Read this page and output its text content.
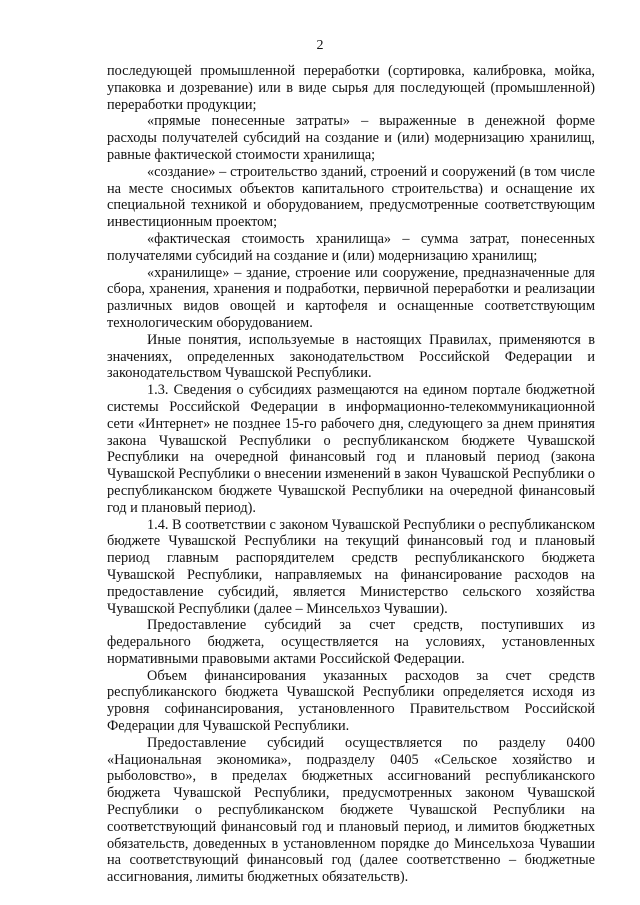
2

последующей промышленной переработки (сортировка, калибровка, мойка, упаковка и дозревание) или в виде сырья для последующей (промышленной) переработки продукции;

«прямые понесенные затраты» – выраженные в денежной форме расходы получателей субсидий на создание и (или) модернизацию хранилищ, равные фактической стоимости хранилища;

«создание» – строительство зданий, строений и сооружений (в том числе на месте сносимых объектов капитального строительства) и оснащение их специальной техникой и оборудованием, предусмотренные соответствующим инвестиционным проектом;

«фактическая стоимость хранилища» – сумма затрат, понесенных получателями субсидий на создание и (или) модернизацию хранилищ;

«хранилище» – здание, строение или сооружение, предназначенные для сбора, хранения, хранения и подработки, первичной переработки и реализации различных видов овощей и картофеля и оснащенные соответствующим технологическим оборудованием.

Иные понятия, используемые в настоящих Правилах, применяются в значениях, определенных законодательством Российской Федерации и законодательством Чувашской Республики.

1.3. Сведения о субсидиях размещаются на едином портале бюджетной системы Российской Федерации в информационно-телекоммуникационной сети «Интернет» не позднее 15-го рабочего дня, следующего за днем принятия закона Чувашской Республики о республиканском бюджете Чувашской Республики на очередной финансовый год и плановый период (закона Чувашской Республики о внесении изменений в закон Чувашской Республики о республиканском бюджете Чувашской Республики на очередной финансовый год и плановый период).

1.4. В соответствии с законом Чувашской Республики о республиканском бюджете Чувашской Республики на текущий финансовый год и плановый период главным распорядителем средств республиканского бюджета Чувашской Республики, направляемых на финансирование расходов на предоставление субсидий, является Министерство сельского хозяйства Чувашской Республики (далее – Минсельхоз Чувашии).

Предоставление субсидий за счет средств, поступивших из федерального бюджета, осуществляется на условиях, установленных нормативными правовыми актами Российской Федерации.

Объем финансирования указанных расходов за счет средств республиканского бюджета Чувашской Республики определяется исходя из уровня софинансирования, установленного Правительством Российской Федерации для Чувашской Республики.

Предоставление субсидий осуществляется по разделу 0400 «Национальная экономика», подразделу 0405 «Сельское хозяйство и рыболовство», в пределах бюджетных ассигнований республиканского бюджета Чувашской Республики, предусмотренных законом Чувашской Республики о республиканском бюджете Чувашской Республики на соответствующий финансовый год и плановый период, и лимитов бюджетных обязательств, доведенных в установленном порядке до Минсельхоза Чувашии на соответствующий финансовый год (далее соответственно – бюджетные ассигнования, лимиты бюджетных обязательств).
